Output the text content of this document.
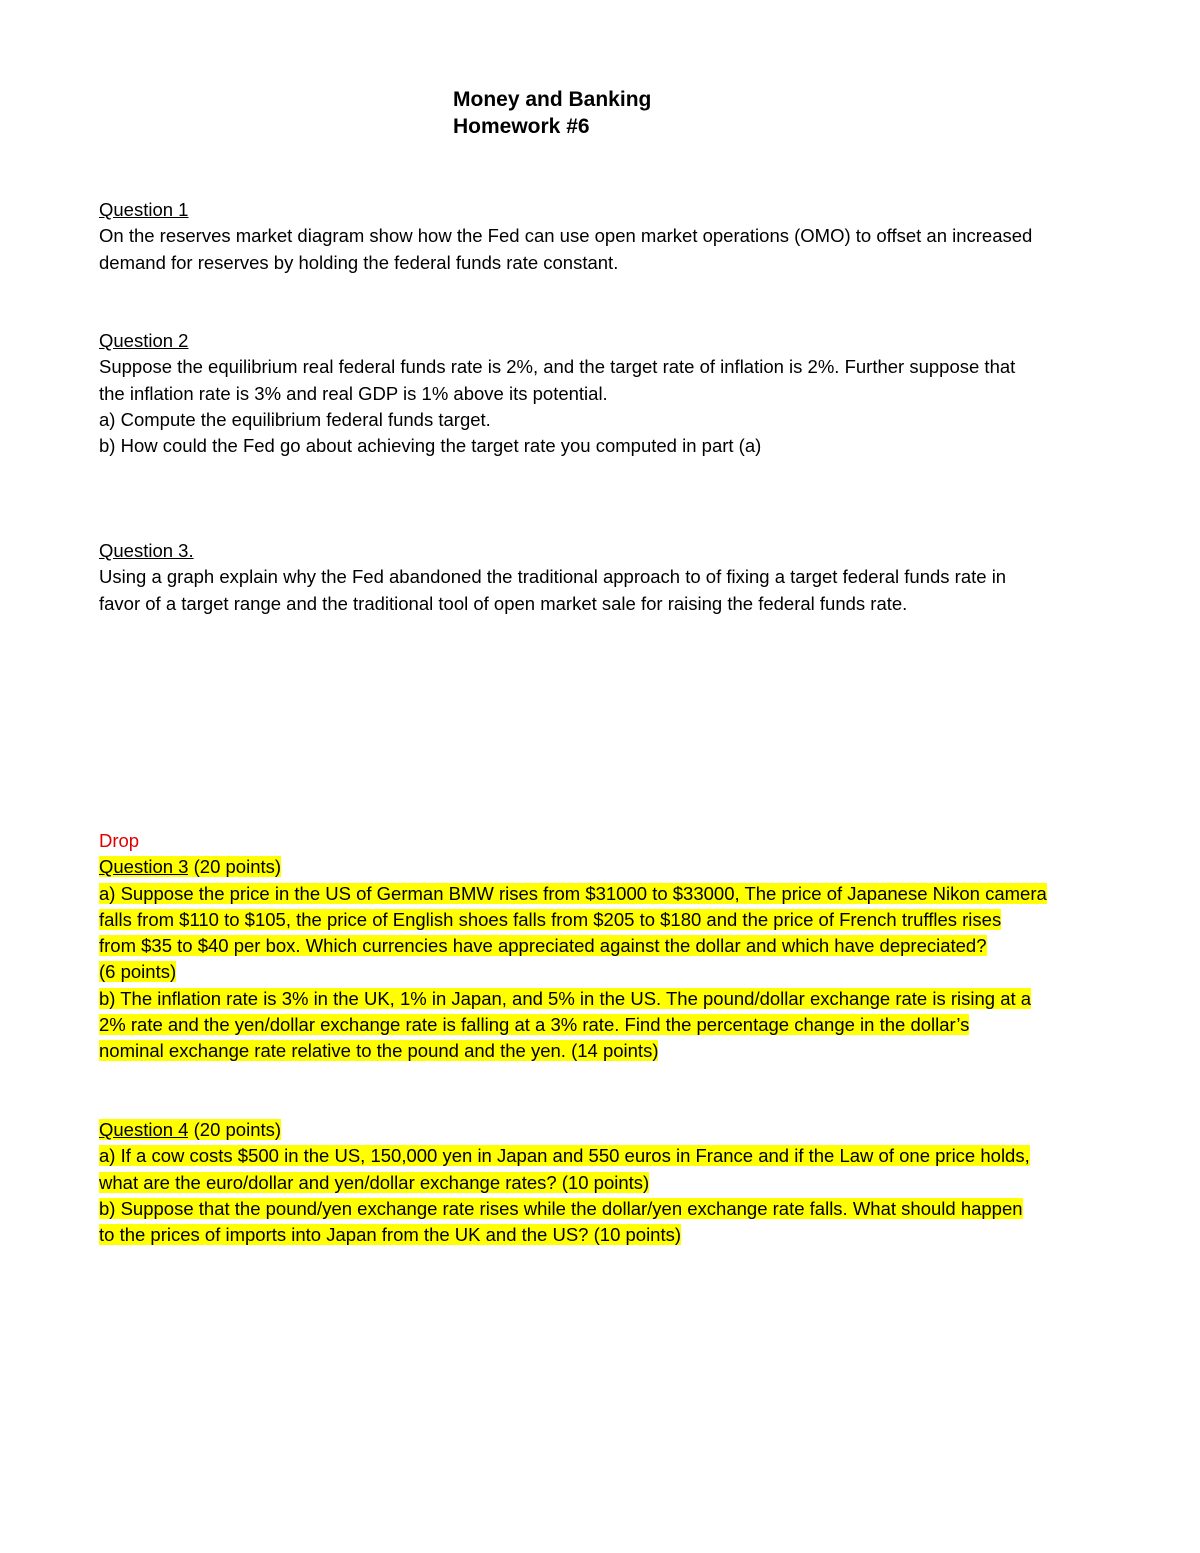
Money and Banking
Homework #6
Question 1
On the reserves market diagram show how the Fed can use open market operations (OMO) to offset an increased
demand for reserves by holding the federal funds rate constant.
Question 2
Suppose the equilibrium real federal funds rate is 2%, and the target rate of inflation is 2%. Further suppose that
the inflation rate is 3% and real GDP is 1% above its potential.
a) Compute the equilibrium federal funds target.
b) How could the Fed go about achieving the target rate you computed in part (a)
Question 3.
Using a graph explain why the Fed abandoned the traditional approach to of fixing a target federal funds rate in
favor of a target range and the traditional tool of open market sale for raising the federal funds rate.
Drop
Question 3 (20 points)
a) Suppose the price in the US of German BMW rises from $31000 to $33000, The price of Japanese Nikon camera
falls from $110 to $105, the price of English shoes falls from $205 to $180 and the price of French truffles rises
from $35 to $40 per box. Which currencies have appreciated against the dollar and which have depreciated?
(6 points)
b) The inflation rate is 3% in the UK, 1% in Japan, and 5% in the US. The pound/dollar exchange rate is rising at a
2% rate and the yen/dollar exchange rate is falling at a 3% rate. Find the percentage change in the dollar’s
nominal exchange rate relative to the pound and the yen. (14 points)
Question 4 (20 points)
a) If a cow costs $500 in the US, 150,000 yen in Japan and 550 euros in France and if the Law of one price holds,
what are the euro/dollar and yen/dollar exchange rates? (10 points)
b) Suppose that the pound/yen exchange rate rises while the dollar/yen exchange rate falls. What should happen
to the prices of imports into Japan from the UK and the US? (10 points)
